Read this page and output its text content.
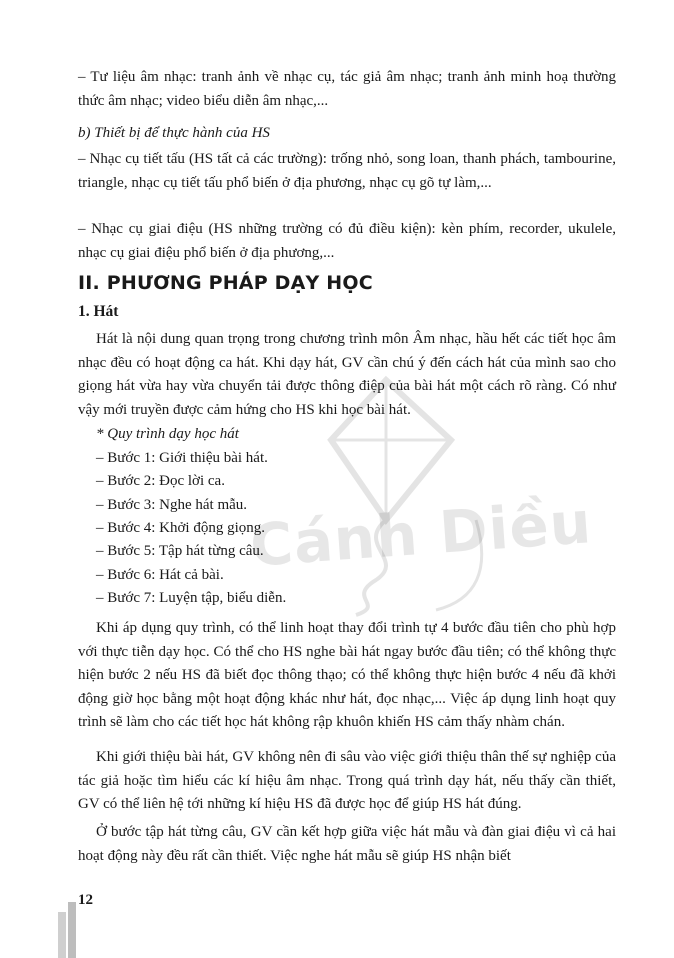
Cánh Diều

– Tư liệu âm nhạc: tranh ảnh về nhạc cụ, tác giả âm nhạc; tranh ảnh minh hoạ thường thức âm nhạc; video biểu diễn âm nhạc,...

b) Thiết bị để thực hành của HS

– Nhạc cụ tiết tấu (HS tất cả các trường): trống nhỏ, song loan, thanh phách, tambourine, triangle, nhạc cụ tiết tấu phổ biến ở địa phương, nhạc cụ gõ tự làm,...

– Nhạc cụ giai điệu (HS những trường có đủ điều kiện): kèn phím, recorder, ukulele, nhạc cụ giai điệu phổ biến ở địa phương,...

II. PHƯƠNG PHÁP DẠY HỌC
1. Hát

Hát là nội dung quan trọng trong chương trình môn Âm nhạc, hầu hết các tiết học âm nhạc đều có hoạt động ca hát. Khi dạy hát, GV cần chú ý đến cách hát của mình sao cho giọng hát vừa hay vừa chuyển tải được thông điệp của bài hát một cách rõ ràng. Có như vậy mới truyền được cảm hứng cho HS khi học bài hát.

* Quy trình dạy học hát

– Bước 1: Giới thiệu bài hát.

– Bước 2: Đọc lời ca.

– Bước 3: Nghe hát mẫu.

– Bước 4: Khởi động giọng.

– Bước 5: Tập hát từng câu.

– Bước 6: Hát cả bài.

– Bước 7: Luyện tập, biểu diễn.

Khi áp dụng quy trình, có thể linh hoạt thay đổi trình tự 4 bước đầu tiên cho phù hợp với thực tiễn dạy học. Có thể cho HS nghe bài hát ngay bước đầu tiên; có thể không thực hiện bước 2 nếu HS đã biết đọc thông thạo; có thể không thực hiện bước 4 nếu đã khởi động giờ học bằng một hoạt động khác như hát, đọc nhạc,... Việc áp dụng linh hoạt quy trình sẽ làm cho các tiết học hát không rập khuôn khiến HS cảm thấy nhàm chán.

Khi giới thiệu bài hát, GV không nên đi sâu vào việc giới thiệu thân thế sự nghiệp của tác giả hoặc tìm hiểu các kí hiệu âm nhạc. Trong quá trình dạy hát, nếu thấy cần thiết, GV có thể liên hệ tới những kí hiệu HS đã được học để giúp HS hát đúng.

Ở bước tập hát từng câu, GV cần kết hợp giữa việc hát mẫu và đàn giai điệu vì cả hai hoạt động này đều rất cần thiết. Việc nghe hát mẫu sẽ giúp HS nhận biết

12
